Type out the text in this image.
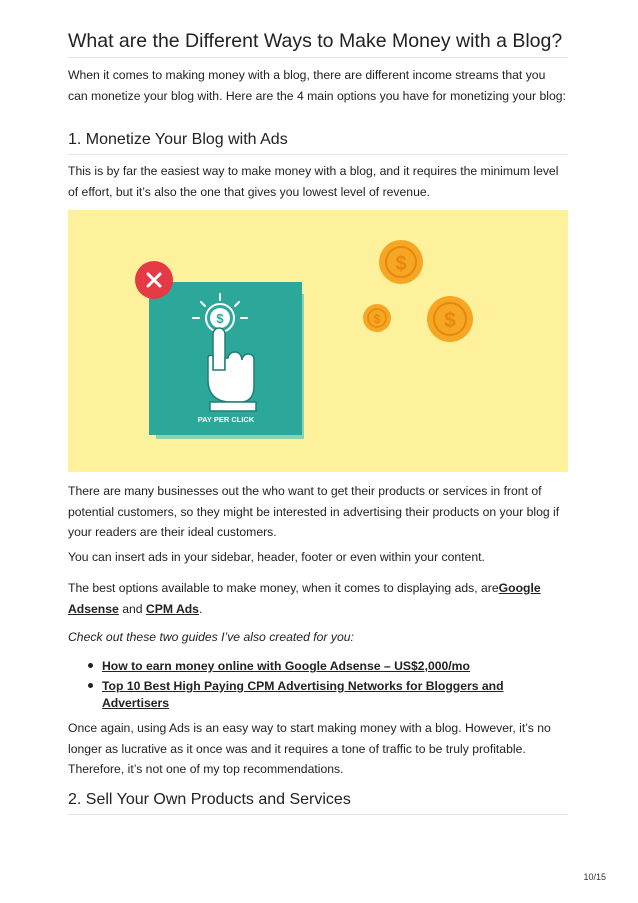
What are the Different Ways to Make Money with a Blog?

When it comes to making money with a blog, there are different income streams that you can monetize your blog with. Here are the 4 main options you have for monetizing your blog:

1. Monetize Your Blog with Ads

This is by far the easiest way to make money with a blog, and it requires the minimum level of effort, but it’s also the one that gives you lowest level of revenue.

$
PAY PER CLICK
$
$	$

There are many businesses out the who want to get their products or services in front of potential customers, so they might be interested in advertising their products on your blog if your readers are their ideal customers.

You can insert ads in your sidebar, header, footer or even within your content.

The best options available to make money, when it comes to displaying ads, areGoogle Adsense and CPM Ads.

Check out these two guides I’ve also created for you:

How to earn money online with Google Adsense – US$2,000/mo
Top 10 Best High Paying CPM Advertising Networks for Bloggers and Advertisers

Once again, using Ads is an easy way to start making money with a blog. However, it’s no longer as lucrative as it once was and it requires a tone of traffic to be truly profitable. Therefore, it’s not one of my top recommendations.

2. Sell Your Own Products and Services
10/15
